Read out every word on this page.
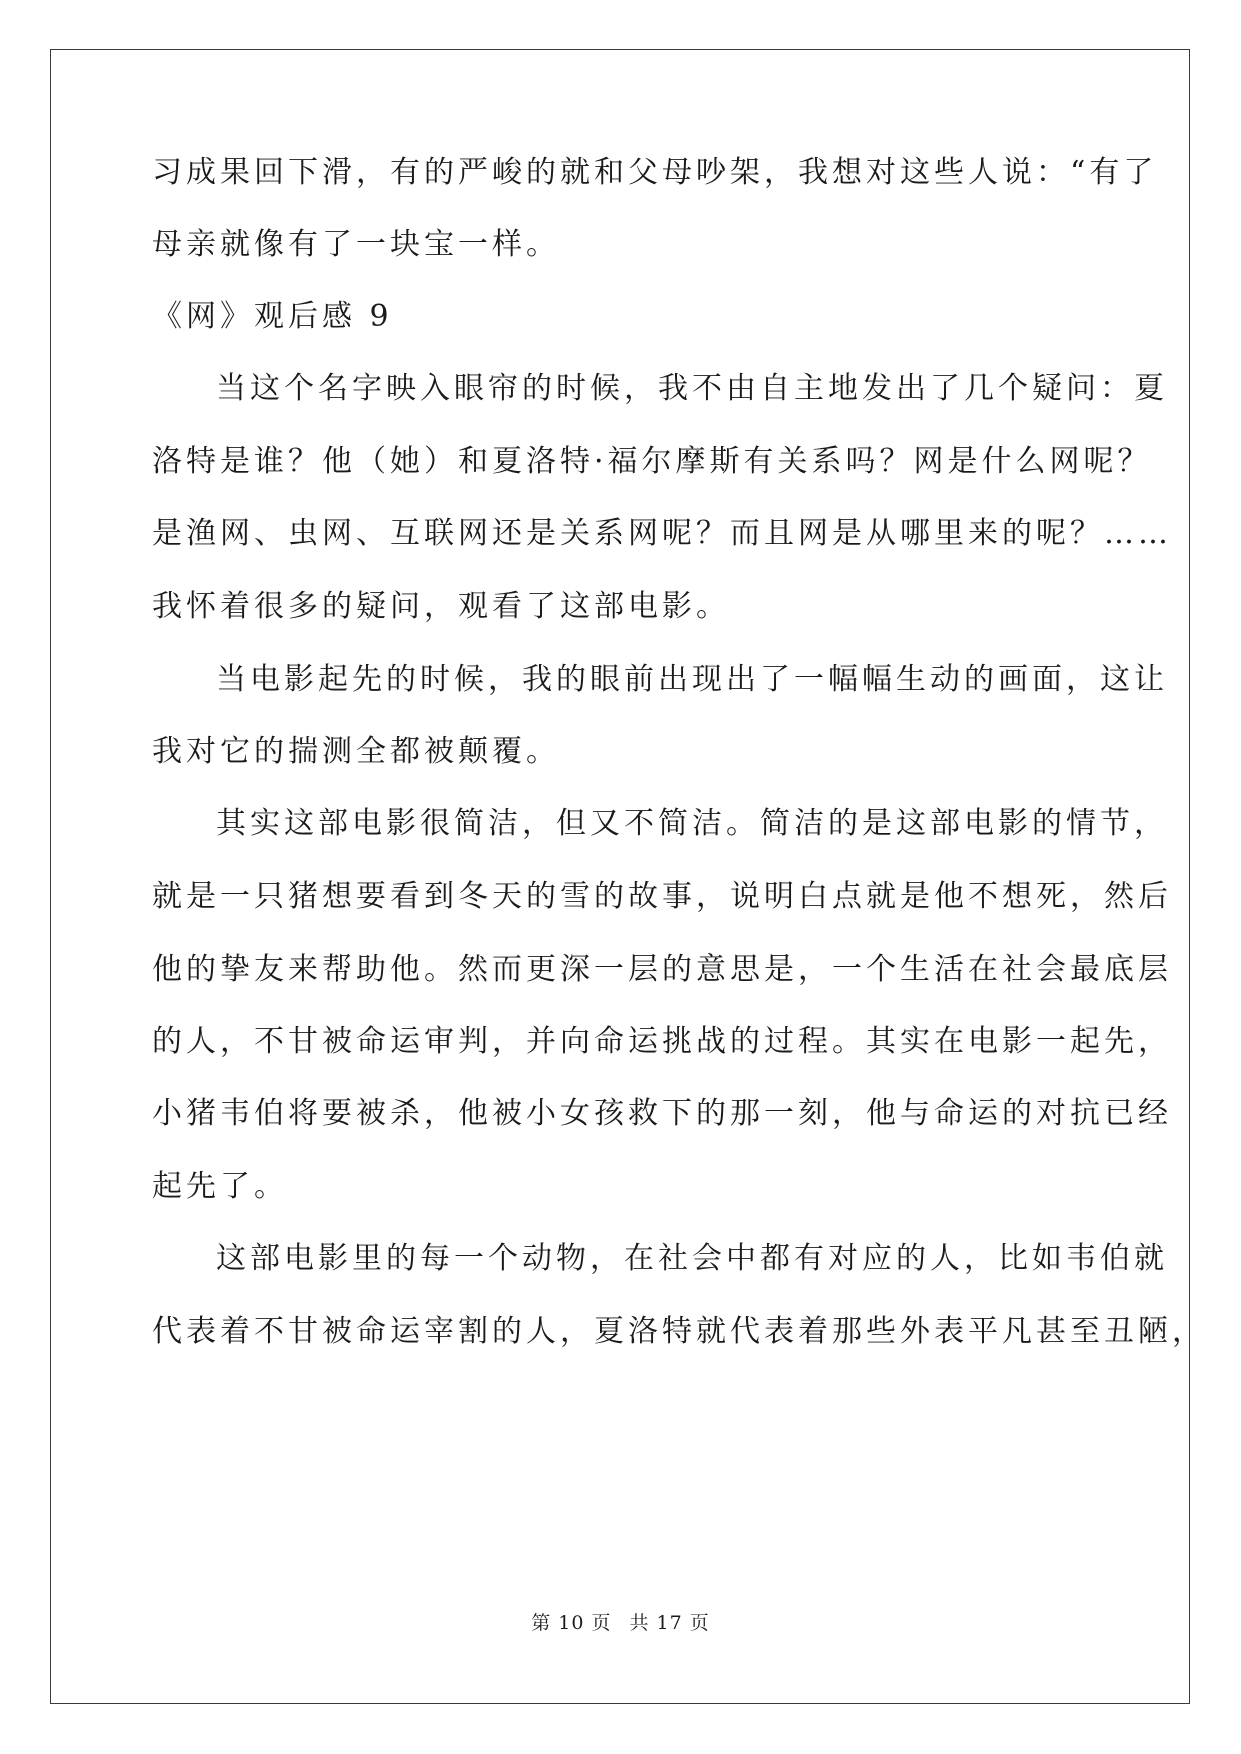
习成果回下滑，有的严峻的就和父母吵架，我想对这些人说：“有了
母亲就像有了一块宝一样。
《网》观后感 9
当这个名字映入眼帘的时候，我不由自主地发出了几个疑问：夏
洛特是谁？他（她）和夏洛特·福尔摩斯有关系吗？网是什么网呢？
是渔网、虫网、互联网还是关系网呢？而且网是从哪里来的呢？……
我怀着很多的疑问，观看了这部电影。
当电影起先的时候，我的眼前出现出了一幅幅生动的画面，这让
我对它的揣测全都被颠覆。
其实这部电影很简洁，但又不简洁。简洁的是这部电影的情节，
就是一只猪想要看到冬天的雪的故事，说明白点就是他不想死，然后
他的挚友来帮助他。然而更深一层的意思是，一个生活在社会最底层
的人，不甘被命运审判，并向命运挑战的过程。其实在电影一起先，
小猪韦伯将要被杀，他被小女孩救下的那一刻，他与命运的对抗已经
起先了。
这部电影里的每一个动物，在社会中都有对应的人，比如韦伯就
代表着不甘被命运宰割的人，夏洛特就代表着那些外表平凡甚至丑陋，
第 10 页 共 17 页
